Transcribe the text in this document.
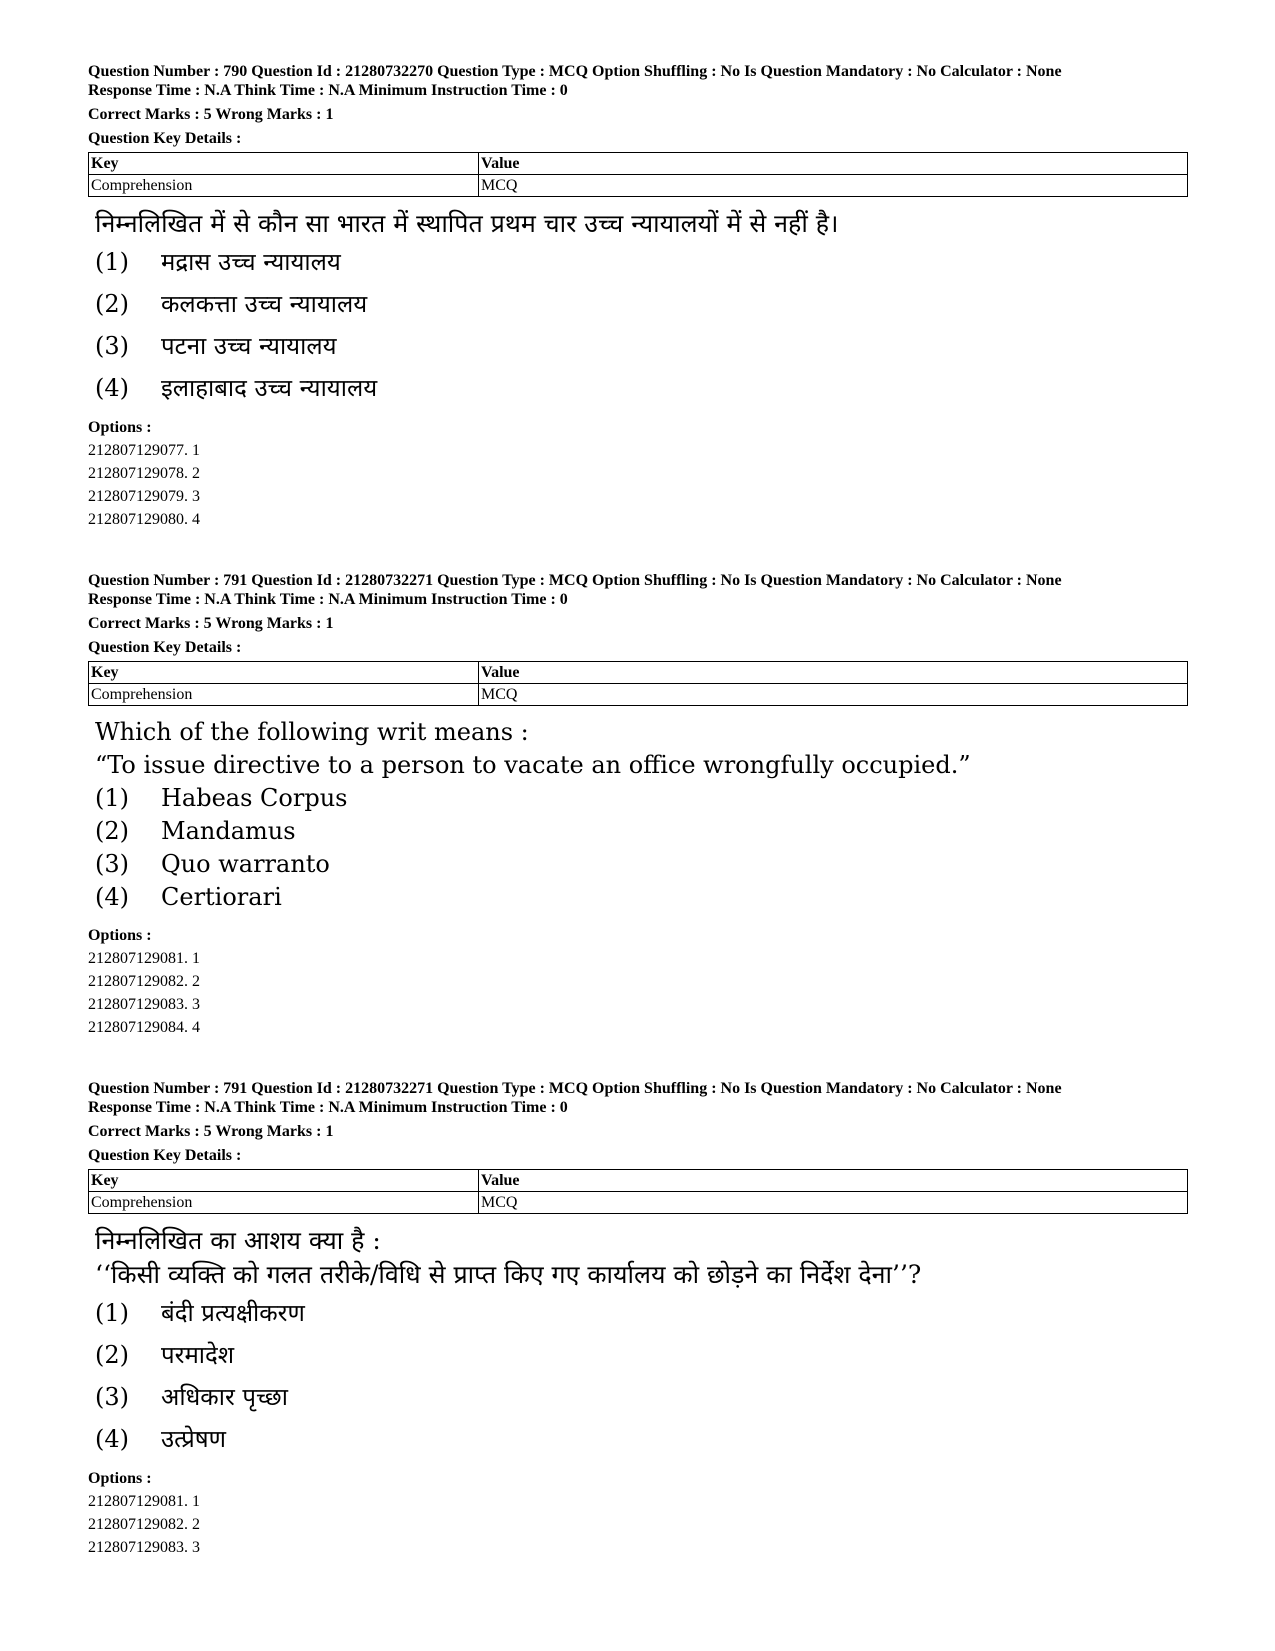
Question Number : 790 Question Id : 21280732270 Question Type : MCQ Option Shuffling : No Is Question Mandatory : No Calculator : None
Response Time : N.A Think Time : N.A Minimum Instruction Time : 0
Correct Marks : 5 Wrong Marks : 1
Question Key Details :
Key	Value
Comprehension	MCQ
निम्नलिखित में से कौन सा भारत में स्थापित प्रथम चार उच्च न्यायालयों में से नहीं है।
(1)	मद्रास उच्च न्यायालय
(2)	कलकत्ता उच्च न्यायालय
(3)	पटना उच्च न्यायालय
(4)	इलाहाबाद उच्च न्यायालय
Options :
212807129077. 1
212807129078. 2
212807129079. 3
212807129080. 4
Question Number : 791 Question Id : 21280732271 Question Type : MCQ Option Shuffling : No Is Question Mandatory : No Calculator : None
Response Time : N.A Think Time : N.A Minimum Instruction Time : 0
Correct Marks : 5 Wrong Marks : 1
Question Key Details :
Key	Value
Comprehension	MCQ
Which of the following writ means :
“To issue directive to a person to vacate an office wrongfully occupied.”
(1)	Habeas Corpus
(2)	Mandamus
(3)	Quo warranto
(4)	Certiorari
Options :
212807129081. 1
212807129082. 2
212807129083. 3
212807129084. 4
Question Number : 791 Question Id : 21280732271 Question Type : MCQ Option Shuffling : No Is Question Mandatory : No Calculator : None
Response Time : N.A Think Time : N.A Minimum Instruction Time : 0
Correct Marks : 5 Wrong Marks : 1
Question Key Details :
Key	Value
Comprehension	MCQ
निम्नलिखित का आशय क्या है :
‘‘किसी व्यक्ति को गलत तरीके/विधि से प्राप्त किए गए कार्यालय को छोड़ने का निर्देश देना’’?
(1)	बंदी प्रत्यक्षीकरण
(2)	परमादेश
(3)	अधिकार पृच्छा
(4)	उत्प्रेषण
Options :
212807129081. 1
212807129082. 2
212807129083. 3
